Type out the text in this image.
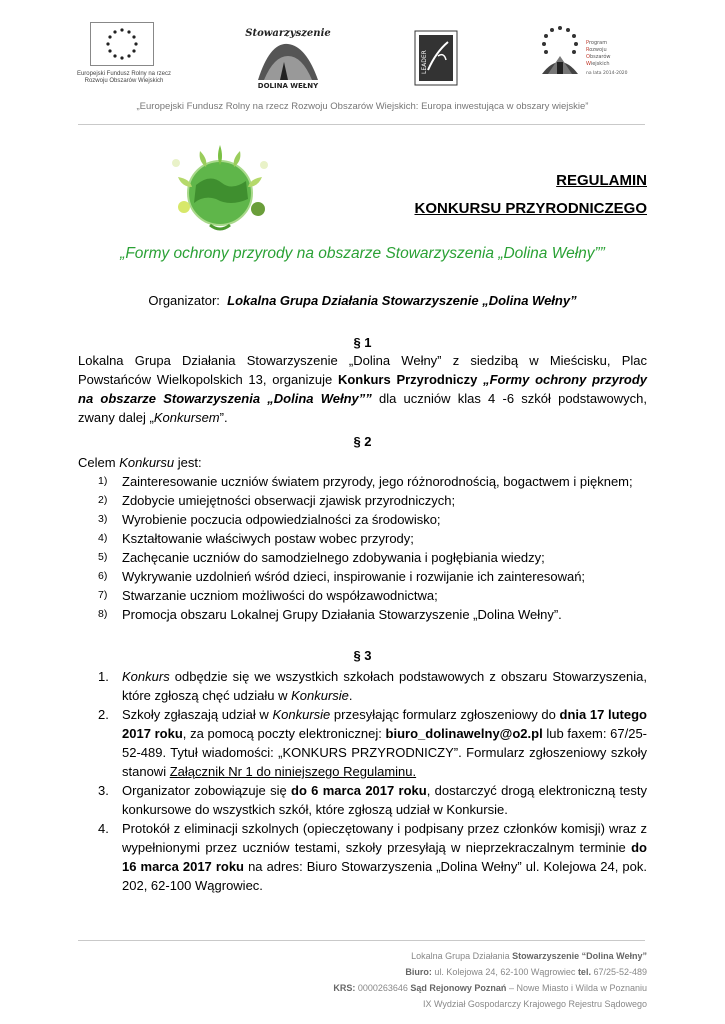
Europejski Fundusz Rolny na rzecz
Rozwoju Obszarów Wiejskich
Stowarzyszenie
DOLINA WEŁNY
LEADER
Program
Rozwoju
Obszarów
Wiejskich
na lata 2014-2020
„Europejski Fundusz Rolny na rzecz Rozwoju Obszarów Wiejskich: Europa inwestująca w obszary wiejskie”
REGULAMIN
KONKURSU PRZYRODNICZEGO
„Formy ochrony przyrody na obszarze Stowarzyszenia „Dolina Wełny””
Organizator: Lokalna Grupa Działania Stowarzyszenie „Dolina Wełny”
§ 1
Lokalna Grupa Działania Stowarzyszenie „Dolina Wełny” z siedzibą w Mieścisku, Plac Powstańców Wielkopolskich 13, organizuje Konkurs Przyrodniczy „Formy ochrony przyrody na obszarze Stowarzyszenia „Dolina Wełny”” dla uczniów klas 4 -6 szkół podstawowych, zwany dalej „Konkursem”.
§ 2
Celem Konkursu jest:
1) Zainteresowanie uczniów światem przyrody, jego różnorodnością, bogactwem i pięknem;
2) Zdobycie umiejętności obserwacji zjawisk przyrodniczych;
3) Wyrobienie poczucia odpowiedzialności za środowisko;
4) Kształtowanie właściwych postaw wobec przyrody;
5) Zachęcanie uczniów do samodzielnego zdobywania i pogłębiania wiedzy;
6) Wykrywanie uzdolnień wśród dzieci, inspirowanie i rozwijanie ich zainteresowań;
7) Stwarzanie uczniom możliwości do współzawodnictwa;
8) Promocja obszaru Lokalnej Grupy Działania Stowarzyszenie „Dolina Wełny”.
§ 3
1. Konkurs odbędzie się we wszystkich szkołach podstawowych z obszaru Stowarzyszenia, które zgłoszą chęć udziału w Konkursie.
2. Szkoły zgłaszają udział w Konkursie przesyłając formularz zgłoszeniowy do dnia 17 lutego 2017 roku, za pomocą poczty elektronicznej: biuro_dolinawelny@o2.pl lub faxem: 67/25-52-489. Tytuł wiadomości: „KONKURS PRZYRODNICZY”. Formularz zgłoszeniowy szkoły stanowi Załącznik Nr 1 do niniejszego Regulaminu.
3. Organizator zobowiązuje się do 6 marca 2017 roku, dostarczyć drogą elektroniczną testy konkursowe do wszystkich szkół, które zgłoszą udział w Konkursie.
4. Protokół z eliminacji szkolnych (opieczętowany i podpisany przez członków komisji) wraz z wypełnionymi przez uczniów testami, szkoły przesyłają w nieprzekraczalnym terminie do 16 marca 2017 roku na adres: Biuro Stowarzyszenia „Dolina Wełny” ul. Kolejowa 24, pok. 202, 62-100 Wągrowiec.
Lokalna Grupa Działania Stowarzyszenie “Dolina Wełny”
Biuro: ul. Kolejowa 24, 62-100 Wągrowiec tel. 67/25-52-489
KRS: 0000263646 Sąd Rejonowy Poznań – Nowe Miasto i Wilda w Poznaniu
IX Wydział Gospodarczy Krajowego Rejestru Sądowego
